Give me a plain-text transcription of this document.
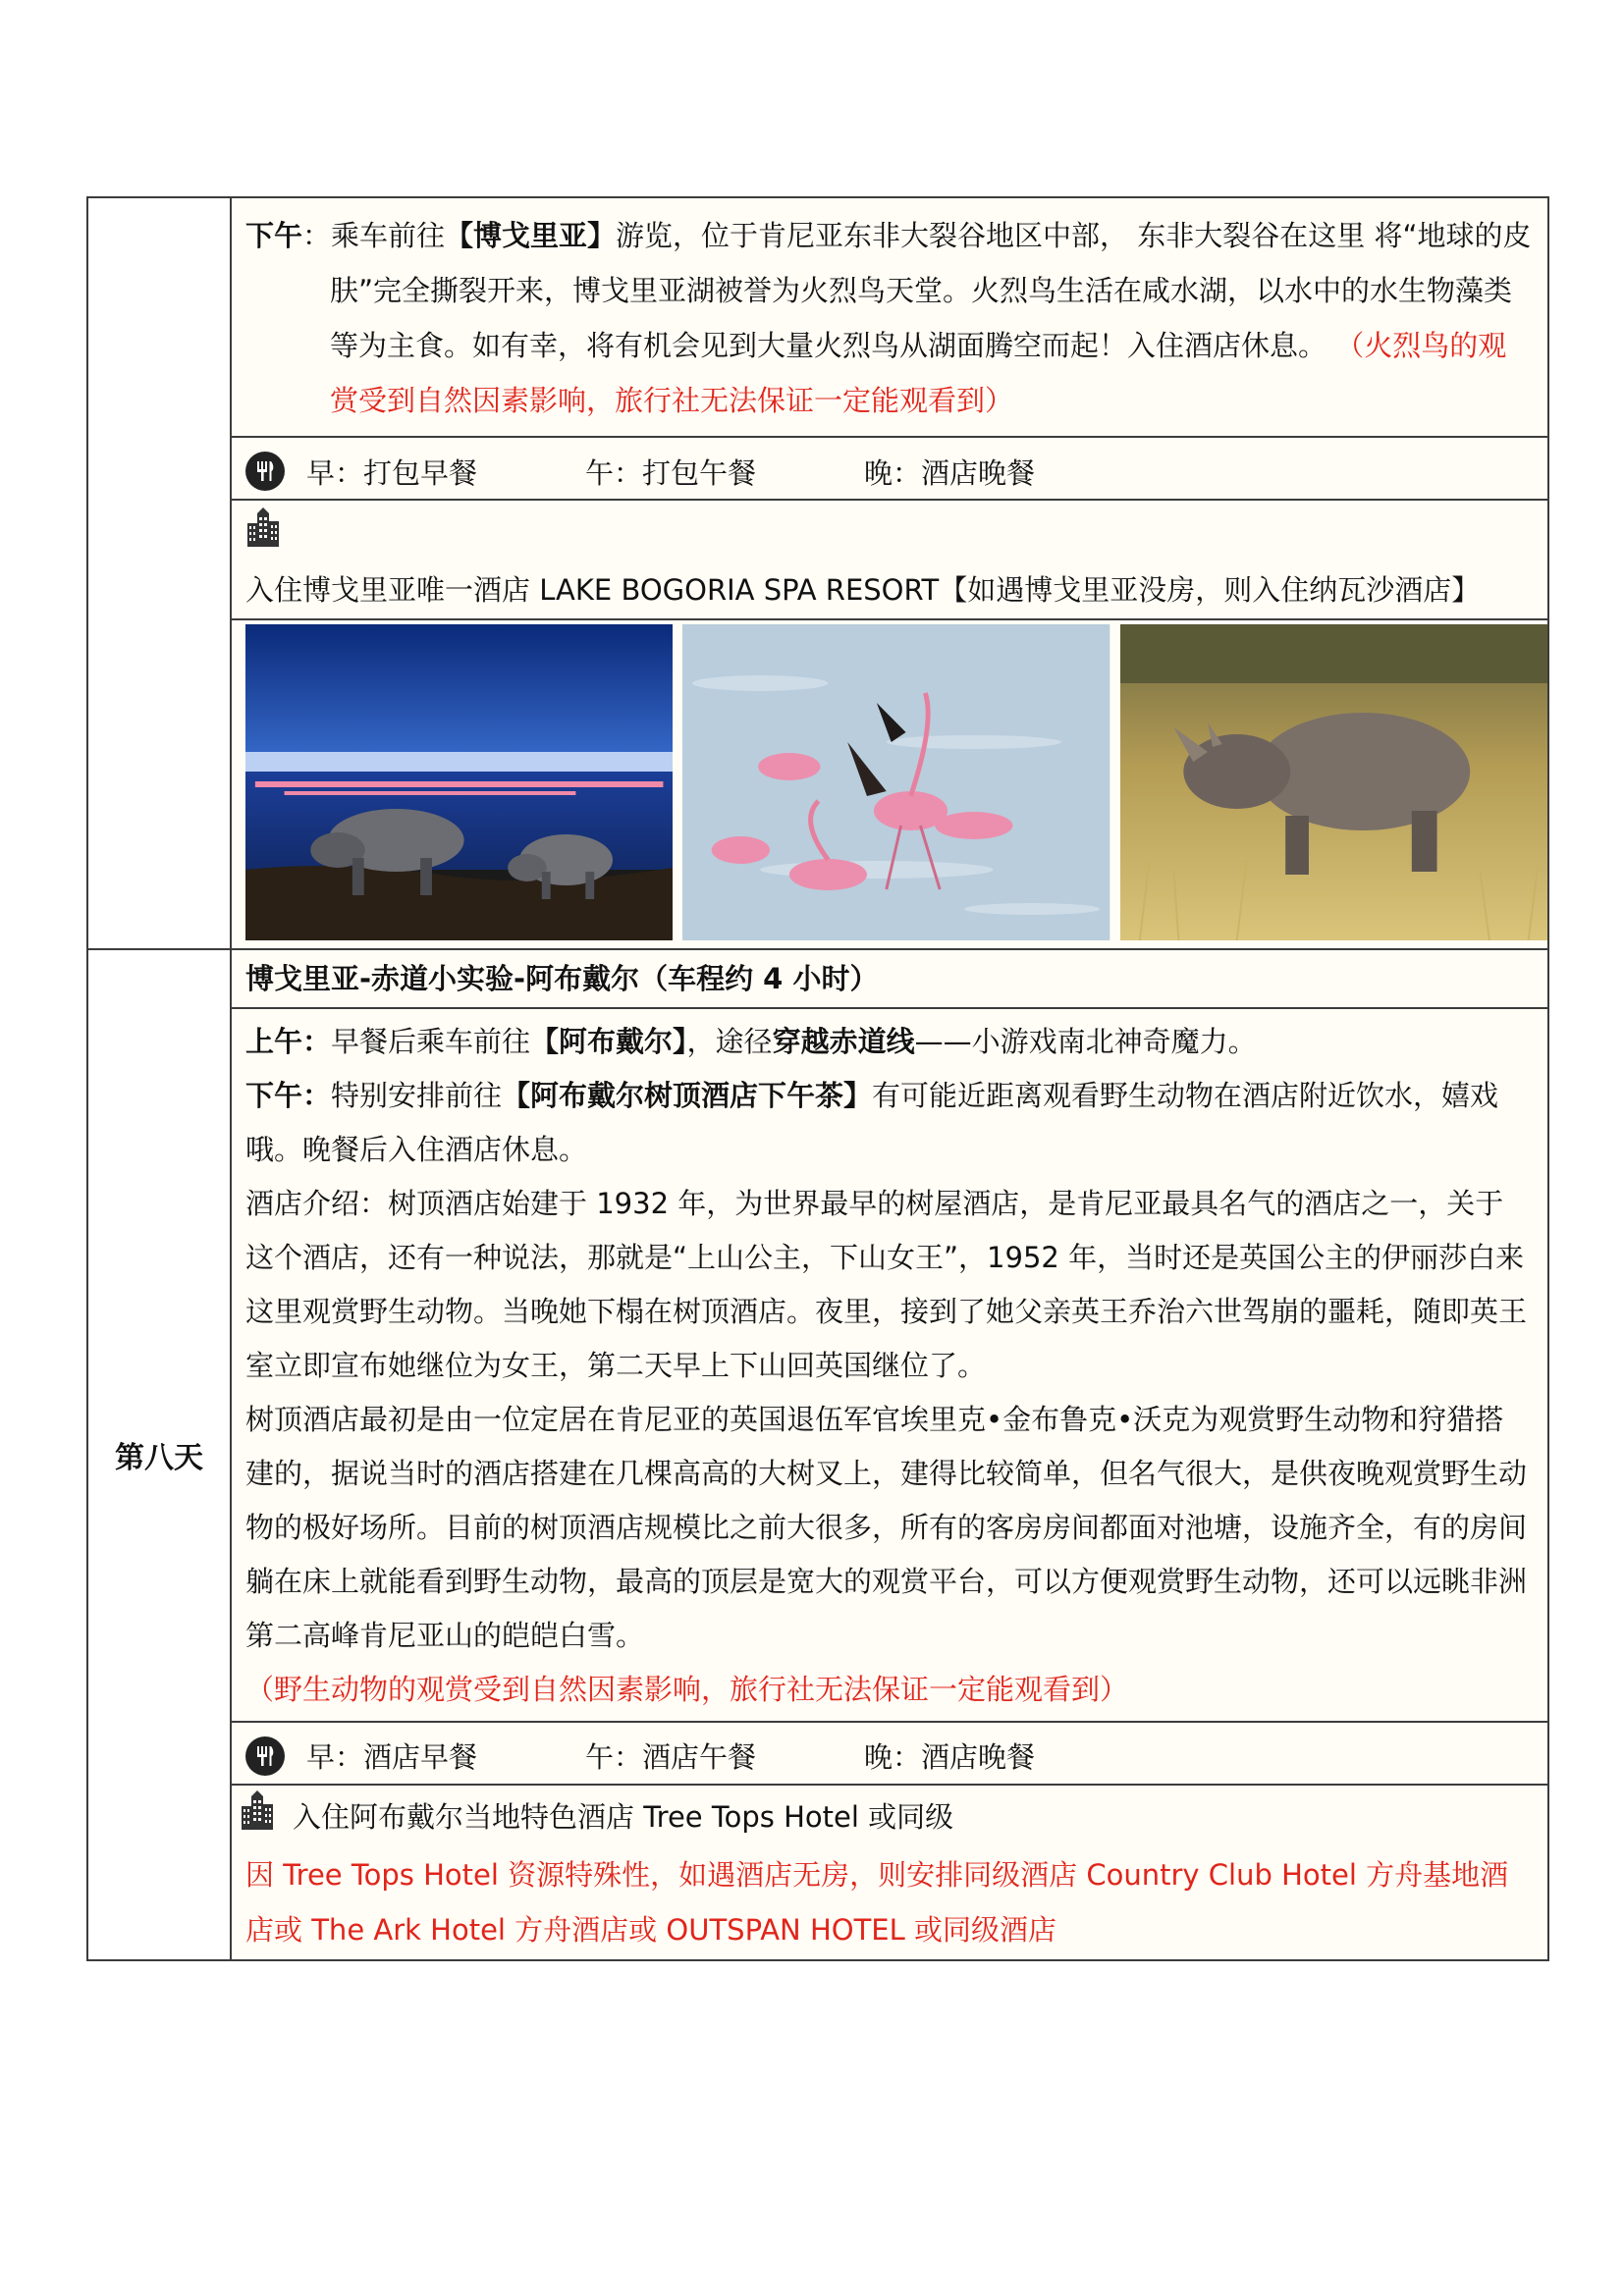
	下午：乘车前往【博戈里亚】游览，位于肯尼亚东非大裂谷地区中部， 东非大裂谷在这里 将“地球的皮肤”完全撕裂开来，博戈里亚湖被誉为火烈鸟天堂。火烈鸟生活在咸水湖，以水中的水生物藻类等为主食。如有幸，将有机会见到大量火烈鸟从湖面腾空而起！入住酒店休息。 （火烈鸟的观赏受到自然因素影响，旅行社无法保证一定能观看到）

	早：打包早餐 午：打包午餐 晚：酒店晚餐

	入住博戈里亚唯一酒店 LAKE BOGORIA SPA RESORT【如遇博戈里亚没房，则入住纳瓦沙酒店】

第八天	博戈里亚-赤道小实验-阿布戴尔（车程约 4 小时）

	上午：早餐后乘车前往【阿布戴尔】，途径穿越赤道线——小游戏南北神奇魔力。

下午：特别安排前往【阿布戴尔树顶酒店下午茶】有可能近距离观看野生动物在酒店附近饮水，嬉戏哦。晚餐后入住酒店休息。

酒店介绍：树顶酒店始建于 1932 年，为世界最早的树屋酒店，是肯尼亚最具名气的酒店之一，关于这个酒店，还有一种说法，那就是“上山公主，下山女王”，1952 年，当时还是英国公主的伊丽莎白来这里观赏野生动物。当晚她下榻在树顶酒店。夜里，接到了她父亲英王乔治六世驾崩的噩耗，随即英王室立即宣布她继位为女王，第二天早上下山回英国继位了。

树顶酒店最初是由一位定居在肯尼亚的英国退伍军官埃里克•金布鲁克•沃克为观赏野生动物和狩猎搭建的，据说当时的酒店搭建在几棵高高的大树叉上，建得比较简单，但名气很大，是供夜晚观赏野生动物的极好场所。目前的树顶酒店规模比之前大很多，所有的客房房间都面对池塘，设施齐全，有的房间躺在床上就能看到野生动物，最高的顶层是宽大的观赏平台，可以方便观赏野生动物，还可以远眺非洲第二高峰肯尼亚山的皑皑白雪。

（野生动物的观赏受到自然因素影响，旅行社无法保证一定能观看到）

	早：酒店早餐 午：酒店午餐 晚：酒店晚餐

	入住阿布戴尔当地特色酒店 Tree Tops Hotel 或同级

因 Tree Tops Hotel 资源特殊性，如遇酒店无房，则安排同级酒店 Country Club Hotel 方舟基地酒店或 The Ark Hotel 方舟酒店或 OUTSPAN HOTEL 或同级酒店
